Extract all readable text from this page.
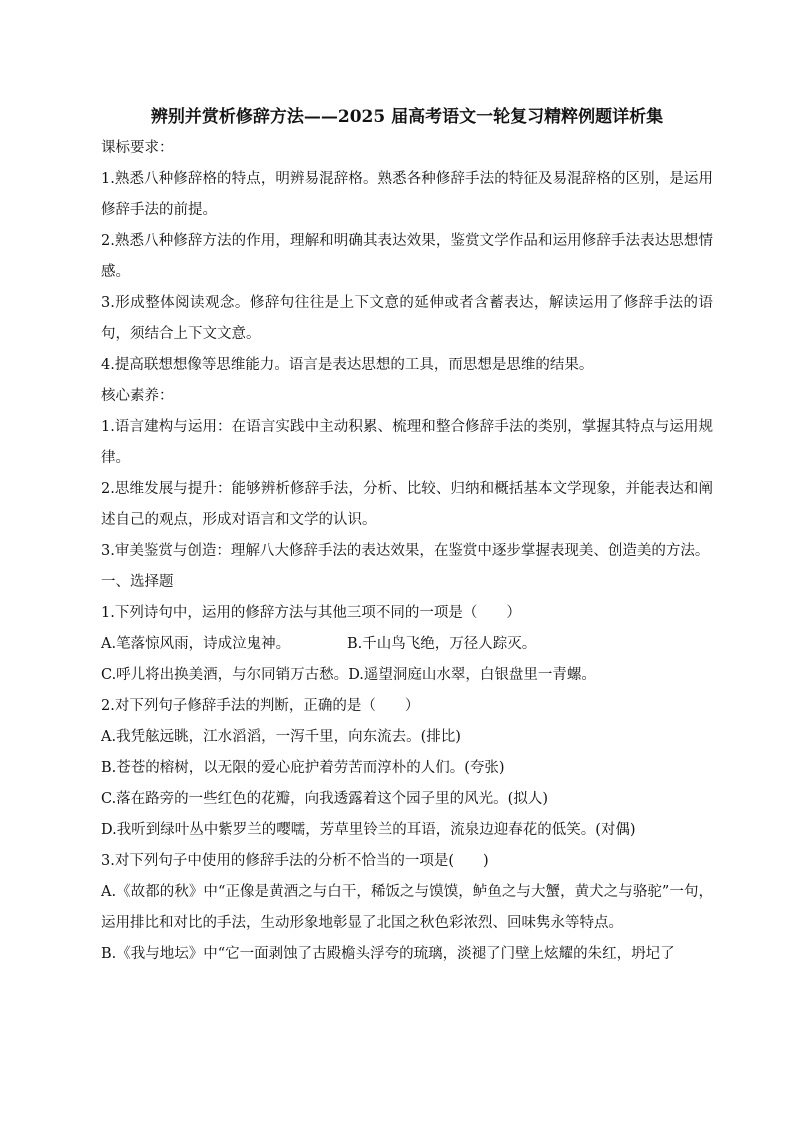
辨别并赏析修辞方法——2025 届高考语文一轮复习精粹例题详析集

课标要求：

1.熟悉八种修辞格的特点，明辨易混辞格。熟悉各种修辞手法的特征及易混辞格的区别，是运用修辞手法的前提。

2.熟悉八种修辞方法的作用，理解和明确其表达效果，鉴赏文学作品和运用修辞手法表达思想情感。

3.形成整体阅读观念。修辞句往往是上下文意的延伸或者含蓄表达，解读运用了修辞手法的语句，须结合上下文文意。

4.提高联想想像等思维能力。语言是表达思想的工具，而思想是思维的结果。

核心素养：

1.语言建构与运用：在语言实践中主动积累、梳理和整合修辞手法的类别，掌握其特点与运用规律。

2.思维发展与提升：能够辨析修辞手法，分析、比较、归纳和概括基本文学现象，并能表达和阐述自己的观点，形成对语言和文学的认识。

3.审美鉴赏与创造：理解八大修辞手法的表达效果，在鉴赏中逐步掌握表现美、创造美的方法。

一、选择题

1.下列诗句中，运用的修辞方法与其他三项不同的一项是（　　）

A.笔落惊风雨，诗成泣鬼神。	B.千山鸟飞绝，万径人踪灭。
C.呼儿将出换美酒，与尔同销万古愁。 D.遥望洞庭山水翠，白银盘里一青螺。

2.对下列句子修辞手法的判断，正确的是（　　）

A.我凭舷远眺，江水滔滔，一泻千里，向东流去。(排比)

B.苍苍的榕树，以无限的爱心庇护着劳苦而淳朴的人们。(夸张)

C.落在路旁的一些红色的花瓣，向我透露着这个园子里的风光。(拟人)

D.我听到绿叶丛中紫罗兰的嘤嚅，芳草里铃兰的耳语，流泉边迎春花的低笑。(对偶)

3.对下列句子中使用的修辞手法的分析不恰当的一项是(　　)

A.《故都的秋》中“正像是黄酒之与白干，稀饭之与馍馍，鲈鱼之与大蟹，黄犬之与骆驼”一句，运用排比和对比的手法，生动形象地彰显了北国之秋色彩浓烈、回味隽永等特点。

B.《我与地坛》中“它一面剥蚀了古殿檐头浮夸的琉璃，淡褪了门壁上炫耀的朱红，坍圮了
